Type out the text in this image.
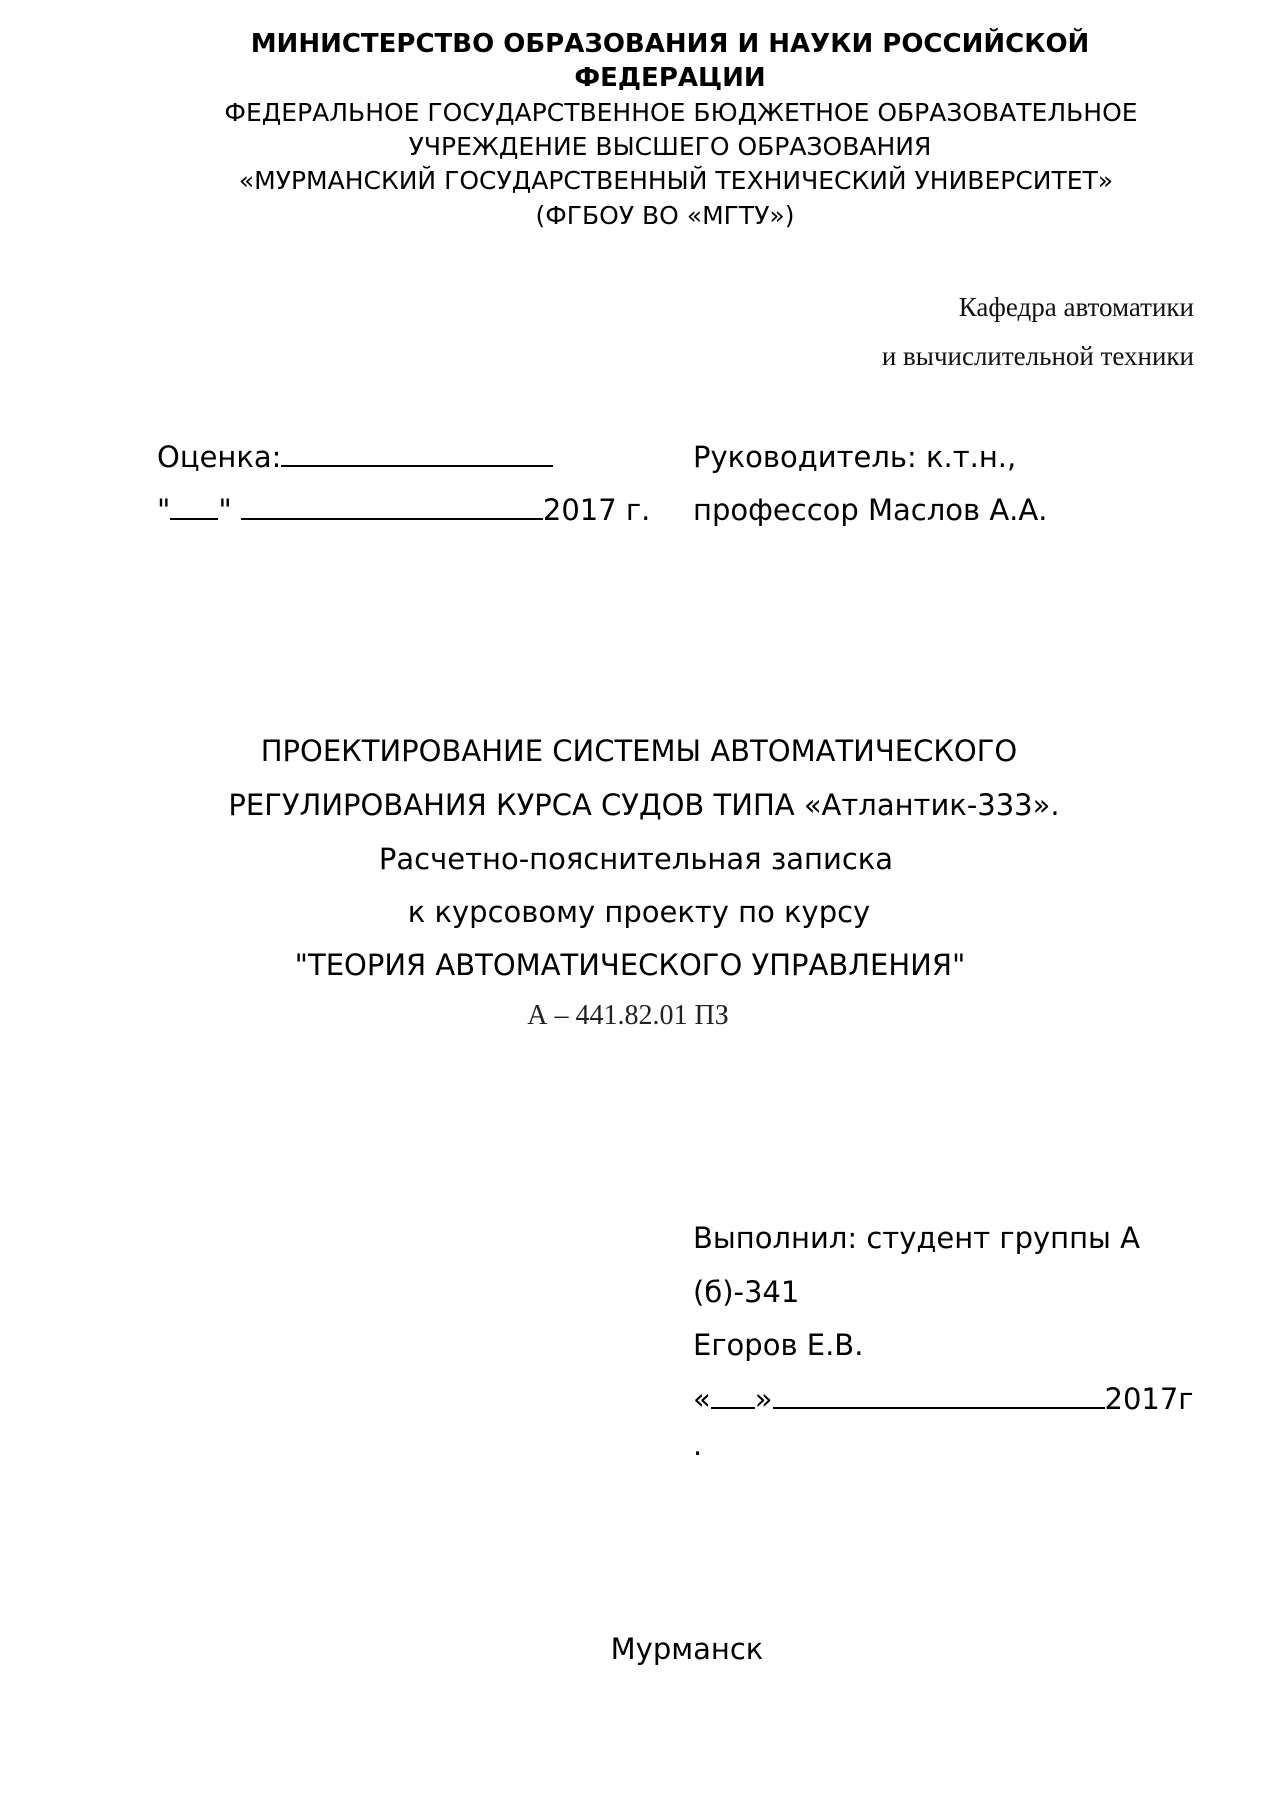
МИНИСТЕРСТВО ОБРАЗОВАНИЯ И НАУКИ РОССИЙСКОЙ
ФЕДЕРАЦИИ
ФЕДЕРАЛЬНОЕ ГОСУДАРСТВЕННОЕ БЮДЖЕТНОЕ ОБРАЗОВАТЕЛЬНОЕ
УЧРЕЖДЕНИЕ ВЫСШЕГО ОБРАЗОВАНИЯ
«МУРМАНСКИЙ ГОСУДАРСТВЕННЫЙ ТЕХНИЧЕСКИЙ УНИВЕРСИТЕТ»
(ФГБОУ ВО «МГТУ»)
Кафедра автоматики
и вычислительной техники
Оценка:
" "	2017 г.
Руководитель: к.т.н.,
профессор Маслов А.А.
ПРОЕКТИРОВАНИЕ СИСТЕМЫ АВТОМАТИЧЕСКОГО
РЕГУЛИРОВАНИЯ КУРСА СУДОВ ТИПА «Атлантик-333».
Расчетно-пояснительная записка
к курсовому проекту по курсу
"ТЕОРИЯ АВТОМАТИЧЕСКОГО УПРАВЛЕНИЯ"
А – 441.82.01 ПЗ
Выполнил: студент группы А
(б)-341
Егоров Е.В.
« »	2017г
.
Мурманск
